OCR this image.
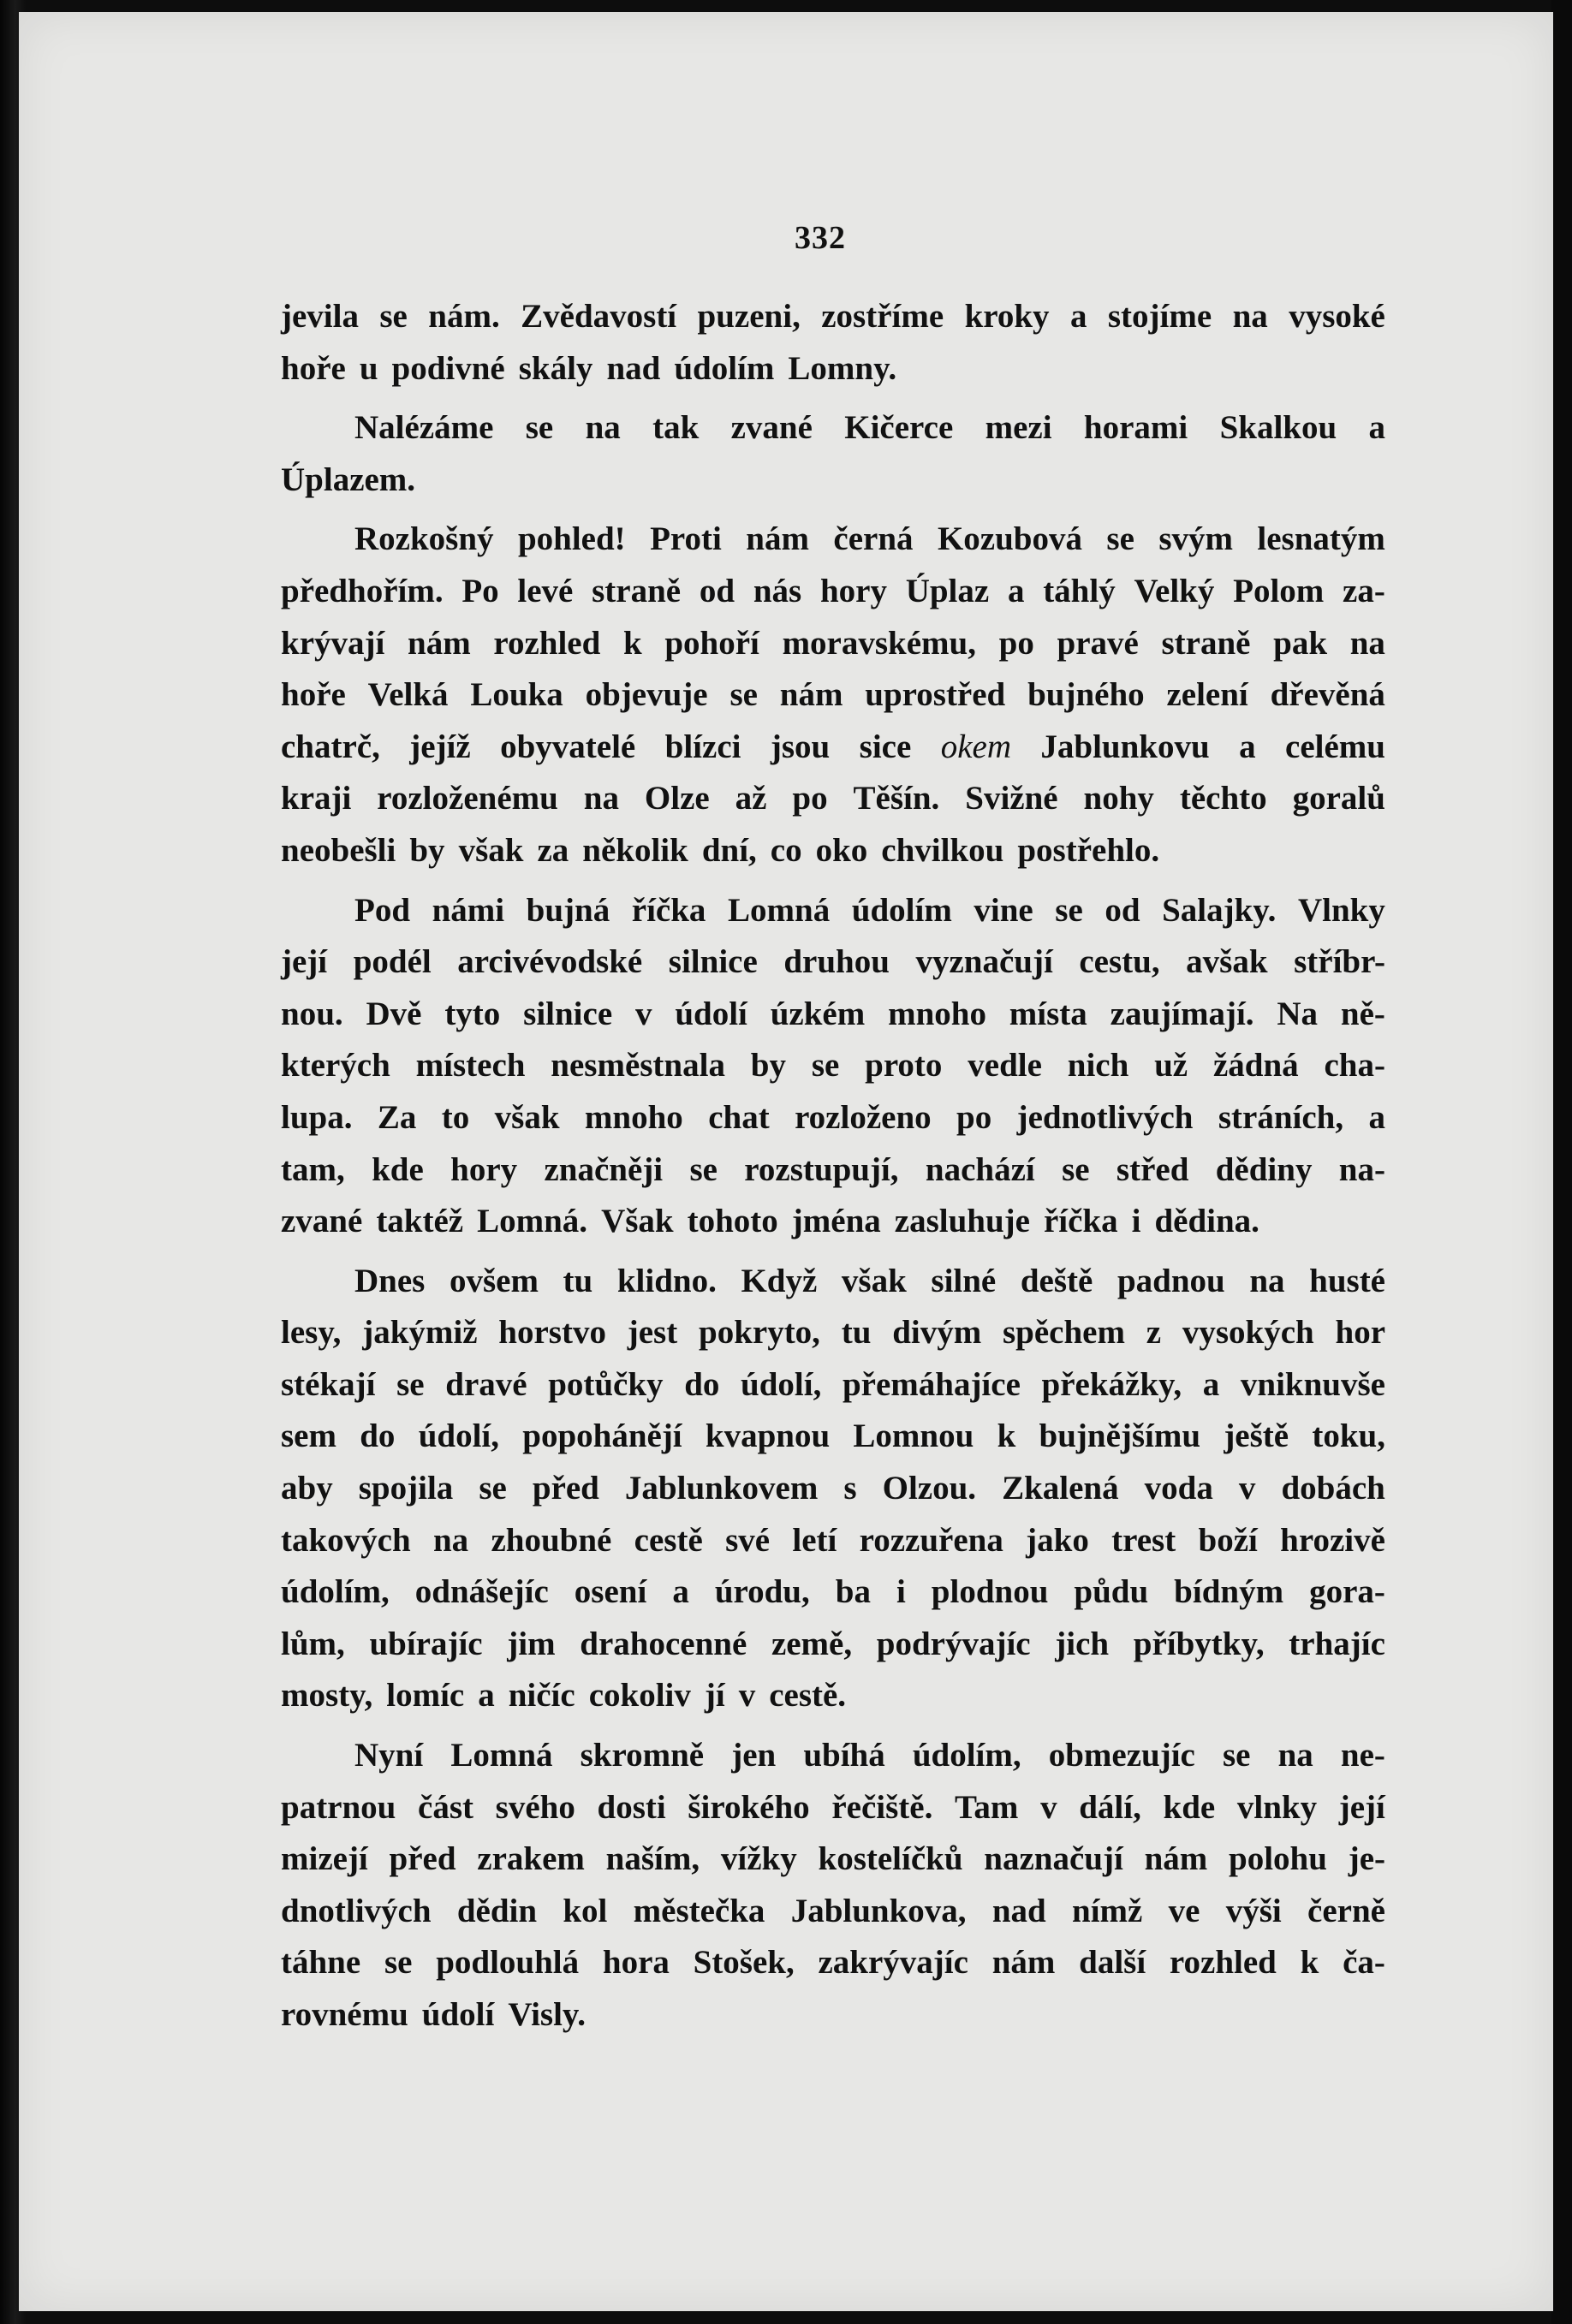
332
jevila se nám. Zvědavostí puzeni, zostříme kroky a stojíme na vysoké
hoře u podivné skály nad údolím Lomny.
Nalézáme se na tak zvané Kičerce mezi horami Skalkou a
Úplazem.
Rozkošný pohled! Proti nám černá Kozubová se svým lesnatým
předhořím. Po levé straně od nás hory Úplaz a táhlý Velký Polom za-
krývají nám rozhled k pohoří moravskému, po pravé straně pak na
hoře Velká Louka objevuje se nám uprostřed bujného zelení dřevěná
chatrč, jejíž obyvatelé blízci jsou sice okem Jablunkovu a celému
kraji rozloženému na Olze až po Těšín. Svižné nohy těchto goralů
neobešli by však za několik dní, co oko chvilkou postřehlo.
Pod námi bujná říčka Lomná údolím vine se od Salajky. Vlnky
její podél arcivévodské silnice druhou vyznačují cestu, avšak stříbr-
nou. Dvě tyto silnice v údolí úzkém mnoho místa zaujímají. Na ně-
kterých místech nesměstnala by se proto vedle nich už žádná cha-
lupa. Za to však mnoho chat rozloženo po jednotlivých stráních, a
tam, kde hory značněji se rozstupují, nachází se střed dědiny na-
zvané taktéž Lomná. Však tohoto jména zasluhuje říčka i dědina.
Dnes ovšem tu klidno. Když však silné deště padnou na husté
lesy, jakýmiž horstvo jest pokryto, tu divým spěchem z vysokých hor
stékají se dravé potůčky do údolí, přemáhajíce překážky, a vniknuvše
sem do údolí, popohánějí kvapnou Lomnou k bujnějšímu ještě toku,
aby spojila se před Jablunkovem s Olzou. Zkalená voda v dobách
takových na zhoubné cestě své letí rozzuřena jako trest boží hrozivě
údolím, odnášejíc osení a úrodu, ba i plodnou půdu bídným gora-
lům, ubírajíc jim drahocenné země, podrývajíc jich příbytky, trhajíc
mosty, lomíc a ničíc cokoliv jí v cestě.
Nyní Lomná skromně jen ubíhá údolím, obmezujíc se na ne-
patrnou část svého dosti širokého řečiště. Tam v dálí, kde vlnky její
mizejí před zrakem naším, vížky kostelíčků naznačují nám polohu je-
dnotlivých dědin kol městečka Jablunkova, nad nímž ve výši černě
táhne se podlouhlá hora Stošek, zakrývajíc nám další rozhled k ča-
rovnému údolí Visly.
